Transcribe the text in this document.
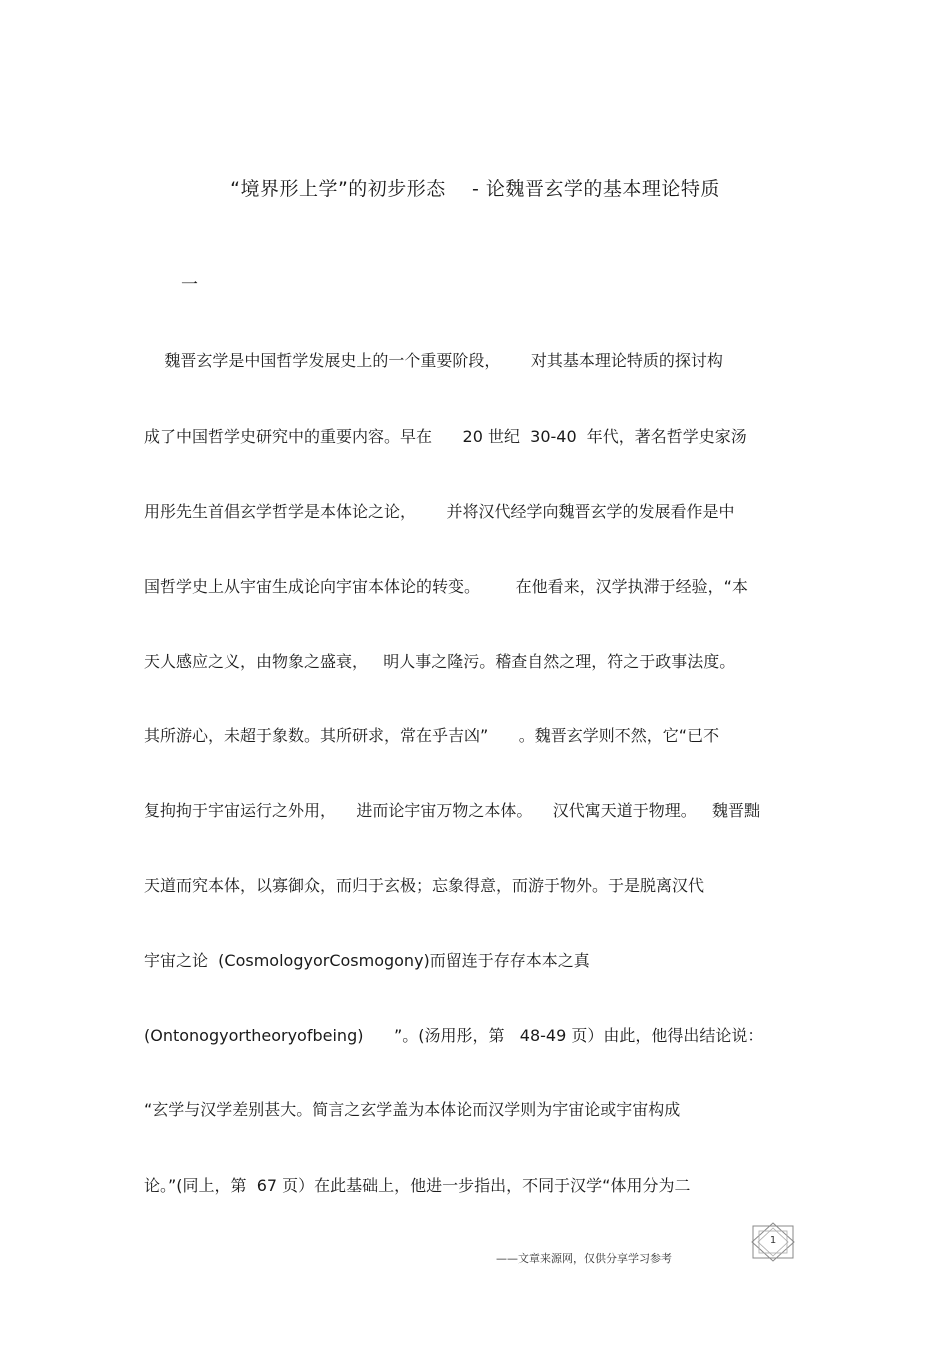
“境界形上学”的初步形态    - 论魏晋玄学的基本理论特质
一
魏晋玄学是中国哲学发展史上的一个重要阶段，      对其基本理论特质的探讨构
成了中国哲学史研究中的重要内容。早在      20 世纪  30-40  年代，著名哲学史家汤
用彤先生首倡玄学哲学是本体论之论，      并将汉代经学向魏晋玄学的发展看作是中
国哲学史上从宇宙生成论向宇宙本体论的转变。       在他看来，汉学执滞于经验，“本
天人感应之义，由物象之盛衰，   明人事之隆污。稽查自然之理，符之于政事法度。
其所游心，未超于象数。其所研求，常在乎吉凶”      。魏晋玄学则不然，它“已不
复拘拘于宇宙运行之外用，    进而论宇宙万物之本体。    汉代寓天道于物理。   魏晋黜
天道而究本体，以寡御众，而归于玄极；忘象得意，而游于物外。于是脱离汉代
宇宙之论  (CosmologyorCosmogony)而留连于存存本本之真
(Ontonogyortheoryofbeing)      ”。(汤用彤，第   48-49 页）由此，他得出结论说：
“玄学与汉学差别甚大。简言之玄学盖为本体论而汉学则为宇宙论或宇宙构成
论。”(同上，第  67 页）在此基础上，他进一步指出，不同于汉学“体用分为二
——文章来源网，仅供分享学习参考
1
